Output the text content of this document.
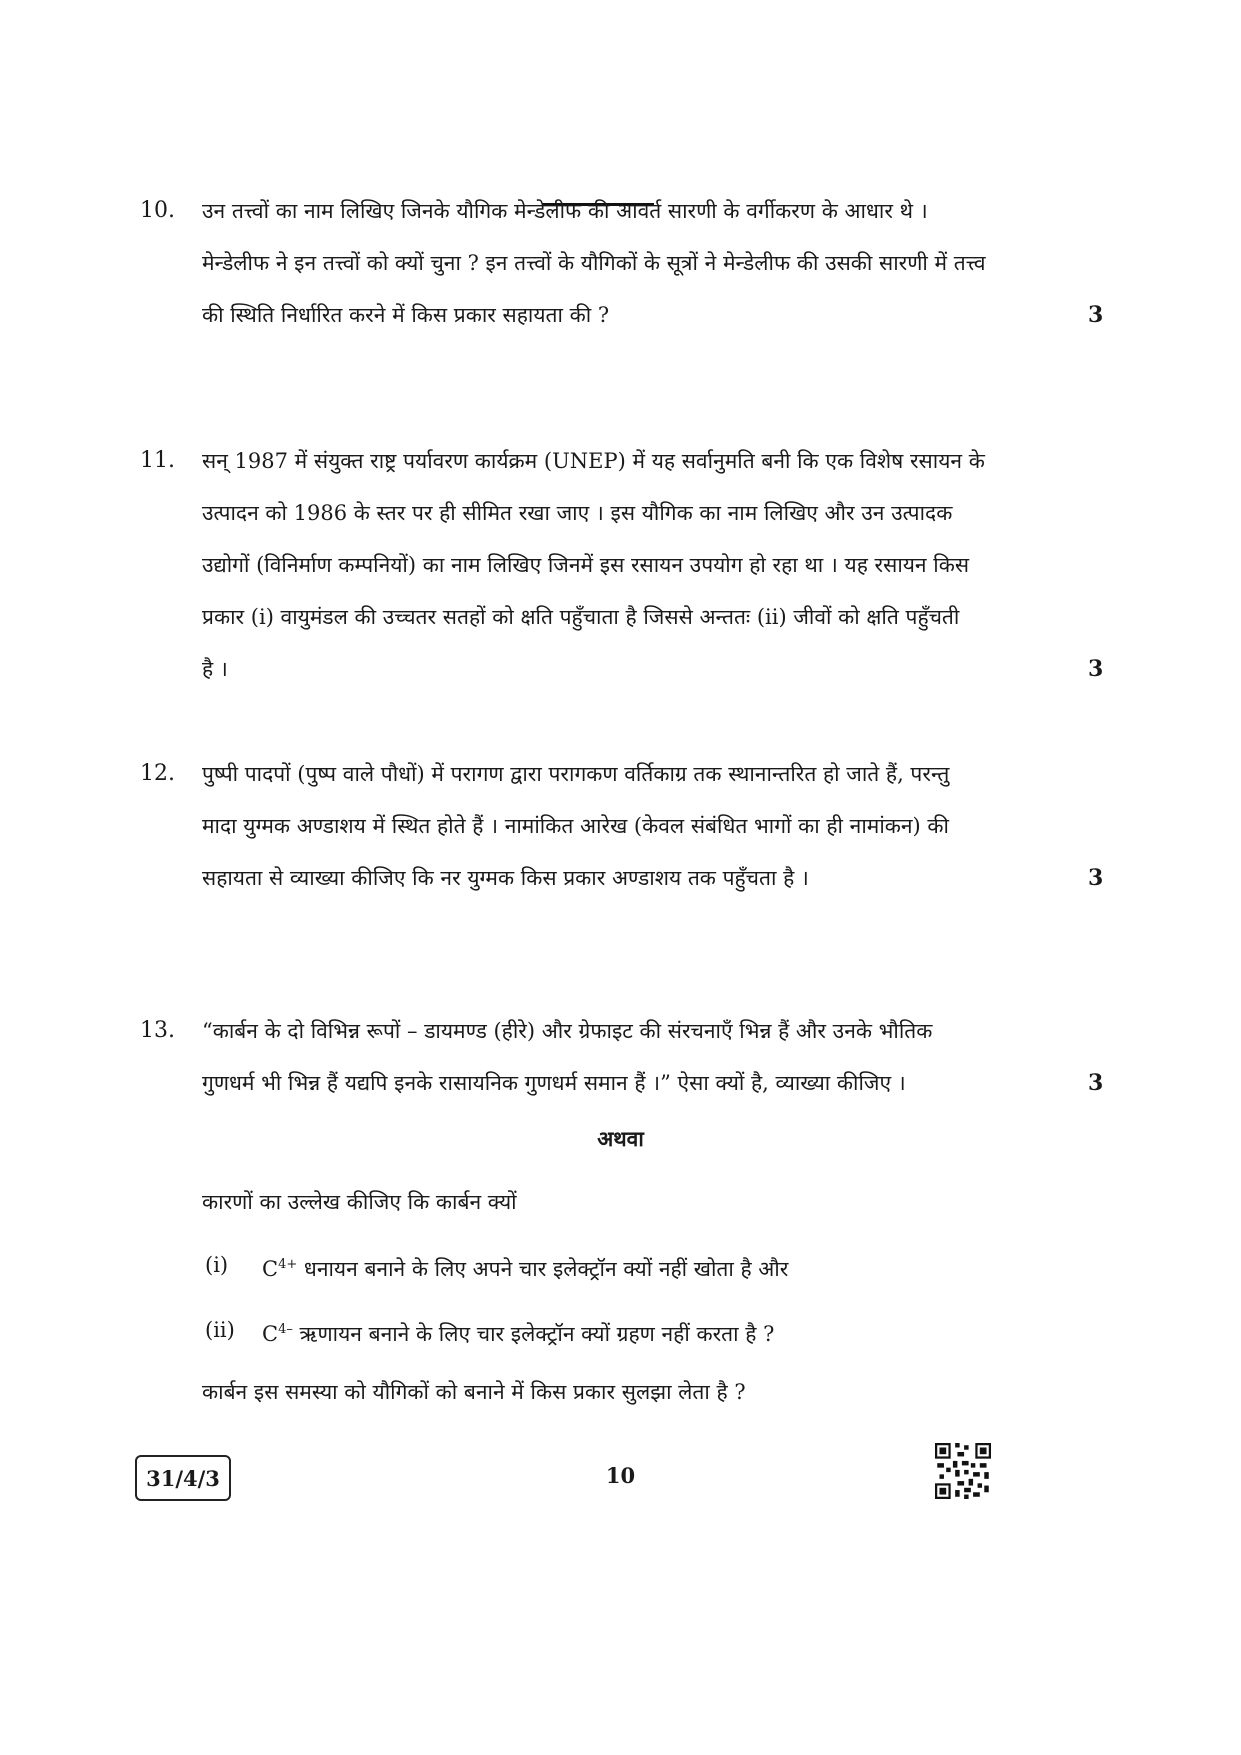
10. उन तत्त्वों का नाम लिखिए जिनके यौगिक मेन्डेलीफ की आवर्त सारणी के वर्गीकरण के आधार थे ।
मेन्डेलीफ ने इन तत्त्वों को क्यों चुना ? इन तत्त्वों के यौगिकों के सूत्रों ने मेन्डेलीफ की उसकी सारणी में तत्त्व
की स्थिति निर्धारित करने में किस प्रकार सहायता की ?	3
11. सन् 1987 में संयुक्त राष्ट्र पर्यावरण कार्यक्रम (UNEP) में यह सर्वानुमति बनी कि एक विशेष रसायन के
उत्पादन को 1986 के स्तर पर ही सीमित रखा जाए । इस यौगिक का नाम लिखिए और उन उत्पादक
उद्योगों (विनिर्माण कम्पनियों) का नाम लिखिए जिनमें इस रसायन उपयोग हो रहा था । यह रसायन किस
प्रकार (i) वायुमंडल की उच्चतर सतहों को क्षति पहुँचाता है जिससे अन्ततः (ii) जीवों को क्षति पहुँचती
है ।	3
12. पुष्पी पादपों (पुष्प वाले पौधों) में परागण द्वारा परागकण वर्तिकाग्र तक स्थानान्तरित हो जाते हैं, परन्तु
मादा युग्मक अण्डाशय में स्थित होते हैं । नामांकित आरेख (केवल संबंधित भागों का ही नामांकन) की
सहायता से व्याख्या कीजिए कि नर युग्मक किस प्रकार अण्डाशय तक पहुँचता है ।	3
13. “कार्बन के दो विभिन्न रूपों – डायमण्ड (हीरे) और ग्रेफाइट की संरचनाएँ भिन्न हैं और उनके भौतिक
गुणधर्म भी भिन्न हैं यद्यपि इनके रासायनिक गुणधर्म समान हैं ।” ऐसा क्यों है, व्याख्या कीजिए ।	3
अथवा
कारणों का उल्लेख कीजिए कि कार्बन क्यों
(i) $C^{4+}$ धनायन बनाने के लिए अपने चार इलेक्ट्रॉन क्यों नहीं खोता है और
(ii) $C^{4-}$ ऋणायन बनाने के लिए चार इलेक्ट्रॉन क्यों ग्रहण नहीं करता है ?
कार्बन इस समस्या को यौगिकों को बनाने में किस प्रकार सुलझा लेता है ?
31/4/3	10
